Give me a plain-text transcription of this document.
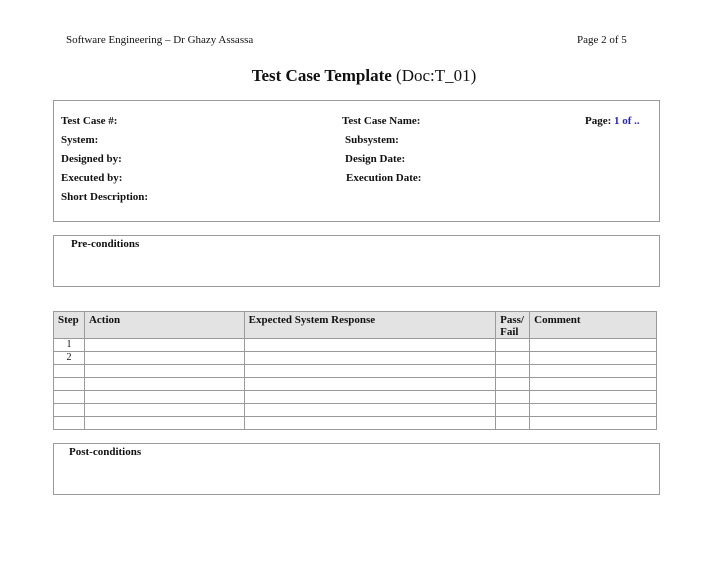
Software Engineering – Dr Ghazy Assassa	Page 2 of 5
Test Case Template (Doc:T_01)
Test Case #:	Test Case Name:	Page: 1 of ..
System:	Subsystem:
Designed by:	Design Date:
Executed by:	Execution Date:
Short Description:
Pre-conditions
Step	Action	Expected System Response	Pass/ Fail	Comment
1				
2				

Post-conditions
